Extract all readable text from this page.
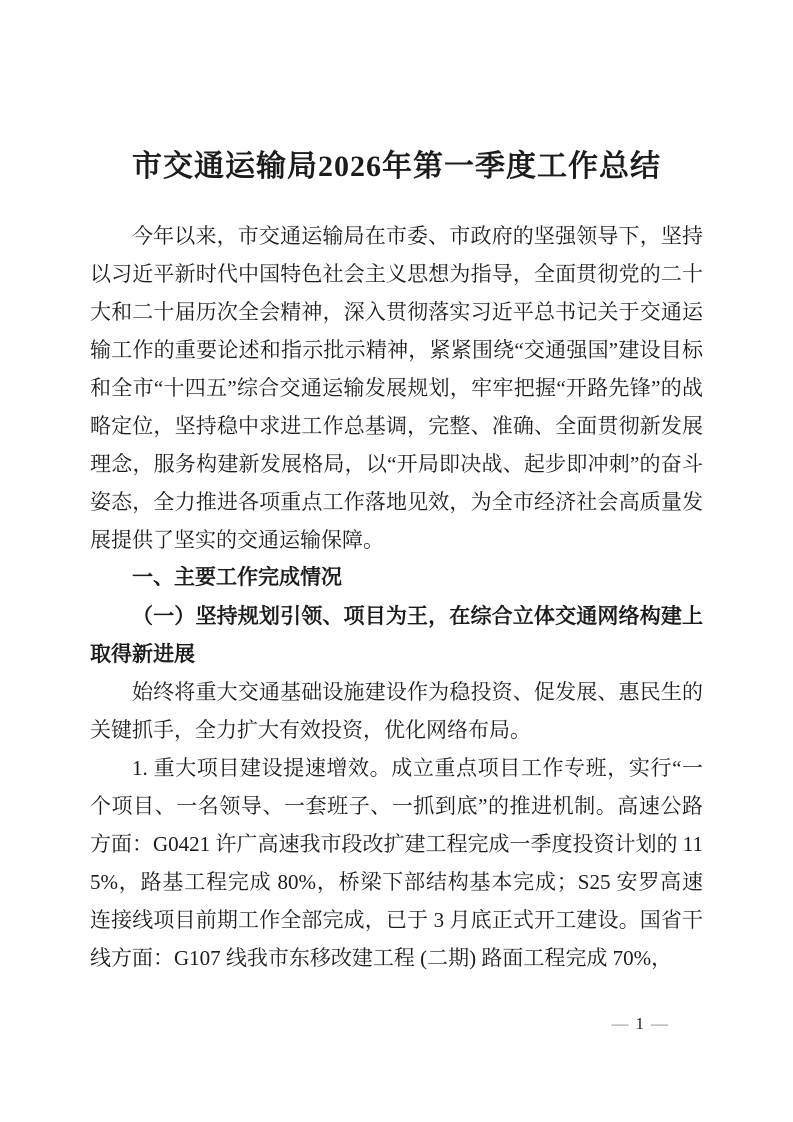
市交通运输局2026年第一季度工作总结

今年以来，市交通运输局在市委、市政府的坚强领导下，坚持以习近平新时代中国特色社会主义思想为指导，全面贯彻党的二十大和二十届历次全会精神，深入贯彻落实习近平总书记关于交通运输工作的重要论述和指示批示精神，紧紧围绕“交通强国”建设目标和全市“十四五”综合交通运输发展规划，牢牢把握“开路先锋”的战略定位，坚持稳中求进工作总基调，完整、准确、全面贯彻新发展理念，服务构建新发展格局，以“开局即决战、起步即冲刺”的奋斗姿态，全力推进各项重点工作落地见效，为全市经济社会高质量发展提供了坚实的交通运输保障。

一、主要工作完成情况

（一）坚持规划引领、项目为王，在综合立体交通网络构建上取得新进展

始终将重大交通基础设施建设作为稳投资、促发展、惠民生的关键抓手，全力扩大有效投资，优化网络布局。

1. 重大项目建设提速增效。成立重点项目工作专班，实行“一个项目、一名领导、一套班子、一抓到底”的推进机制。高速公路方面：G0421 许广高速我市段改扩建工程完成一季度投资计划的 115%，路基工程完成 80%，桥梁下部结构基本完成；S25 安罗高速连接线项目前期工作全部完成，已于 3 月底正式开工建设。国省干线方面：G107 线我市东移改建工程 (二期) 路面工程完成 70%，

— 1 —
